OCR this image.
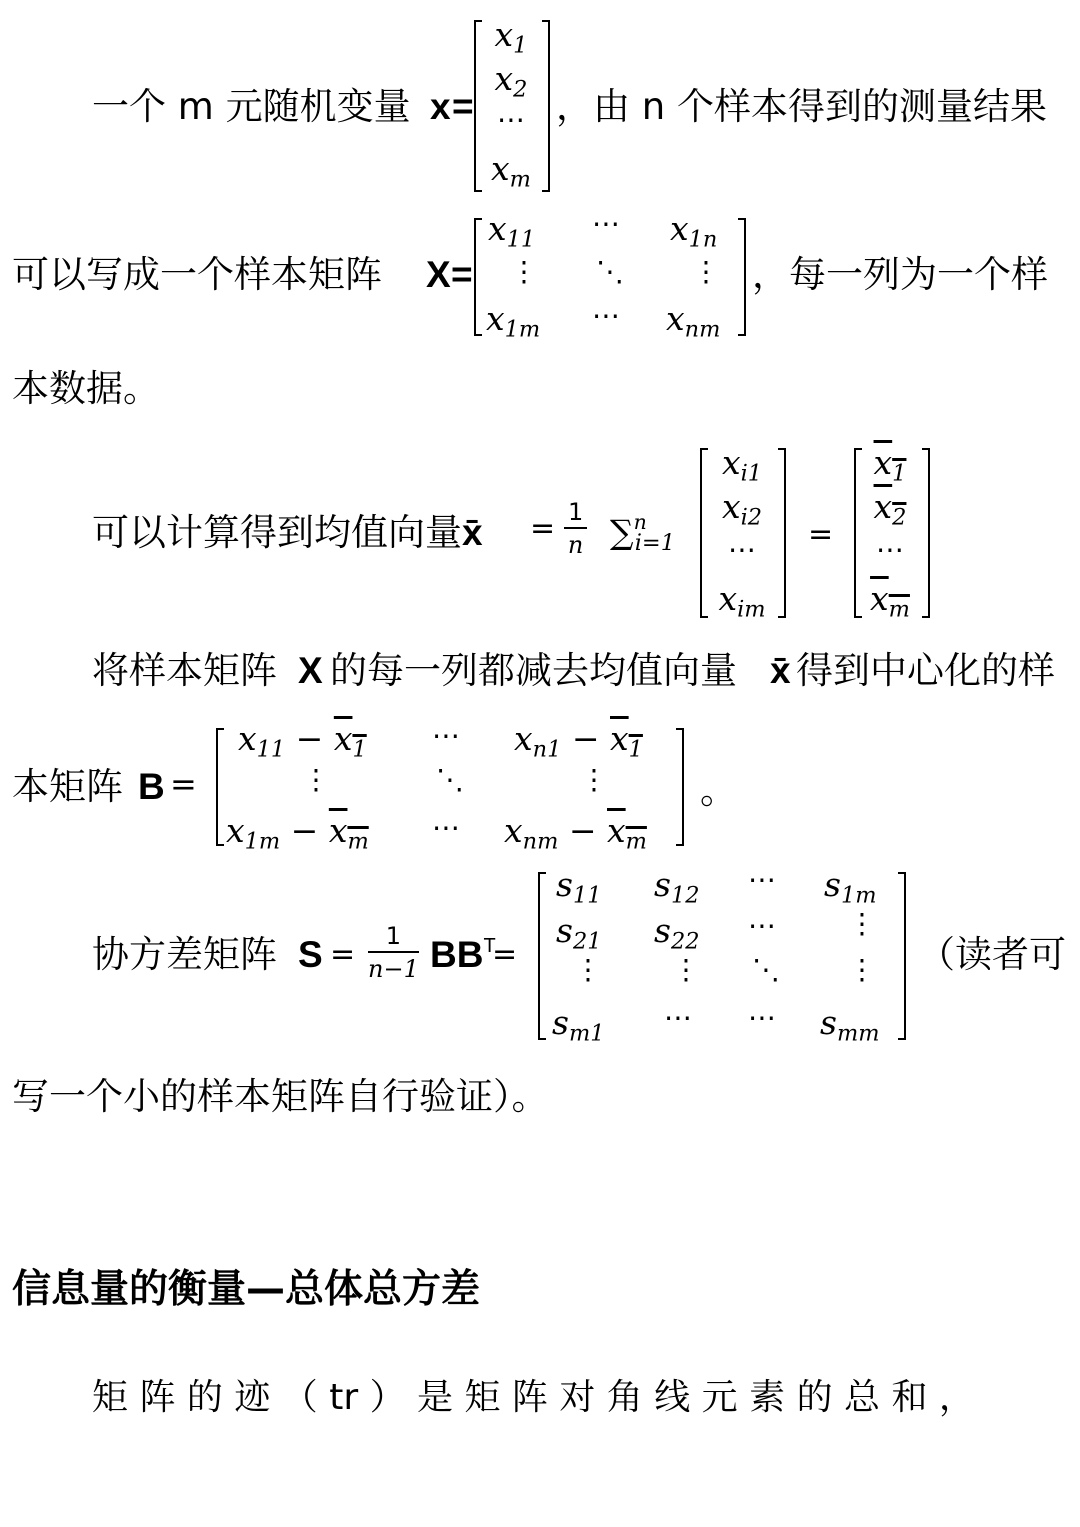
一个 m 元随机变量 x =
$x_1$
$x_2$
⋯
$x_m$
，由 n 个样本得到的测量结果
可以写成一个样本矩阵 X =
$x_{11}$ ⋯ $x_{1n}$
⋮ ⋱ ⋮
$x_{1m}$ ⋯ $x_{nm}$
，每一列为一个样
本数据。
可以计算得到均值向量 x̄ = $\frac{1}{n} \sum^n_{i=1}$
$x_{i1}$
$x_{i2}$
⋯
$x_{im}$
=
$x_1$
$x_2$
⋯
$x_m$
将样本矩阵 X 的每一列都减去均值向量 x̄ 得到中心化的样
本矩阵 B =
$x_{11} - x_1$ ⋯ $x_{n1} - x_1$
⋮	⋱	⋮
$x_{1m} - x_m$ ⋯ $x_{nm} - x_m$
。
协方差矩阵 $S = \frac{1}{n-1} BB^T$
=
$s_{11}$ $s_{12}$ ⋯ $s_{1m}$
$s_{21}$ $s_{22}$ ⋯	⋮
⋮	⋮ ⋱ ⋮
$s_{m1}$ ⋯ ⋯ $s_{mm}$
（读者可
写一个小的样本矩阵自行验证）。
信息量的衡量—总体总方差
矩 阵 的 迹 （ tr ） 是 矩 阵 对 角 线 元 素 的 总 和 ，
